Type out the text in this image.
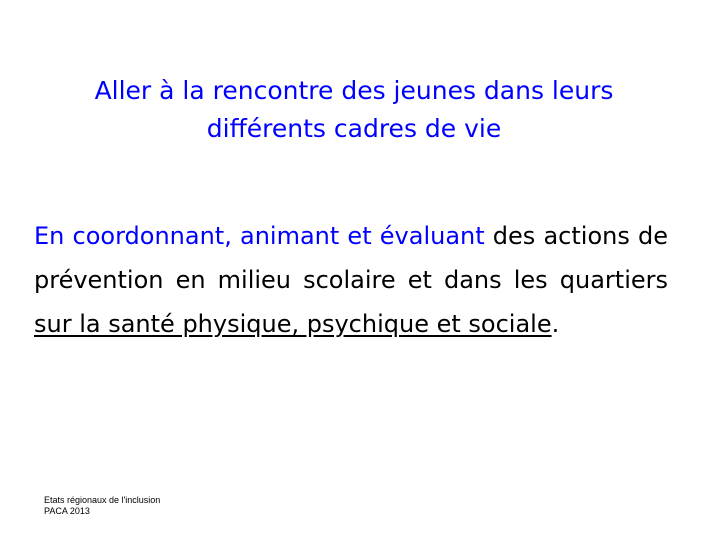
Aller à la rencontre des jeunes dans leurs
différents cadres de vie
En coordonnant, animant et évaluant des actions de prévention en milieu scolaire et dans les quartiers sur la santé physique, psychique et sociale.
Etats régionaux de l'inclusion
PACA 2013
